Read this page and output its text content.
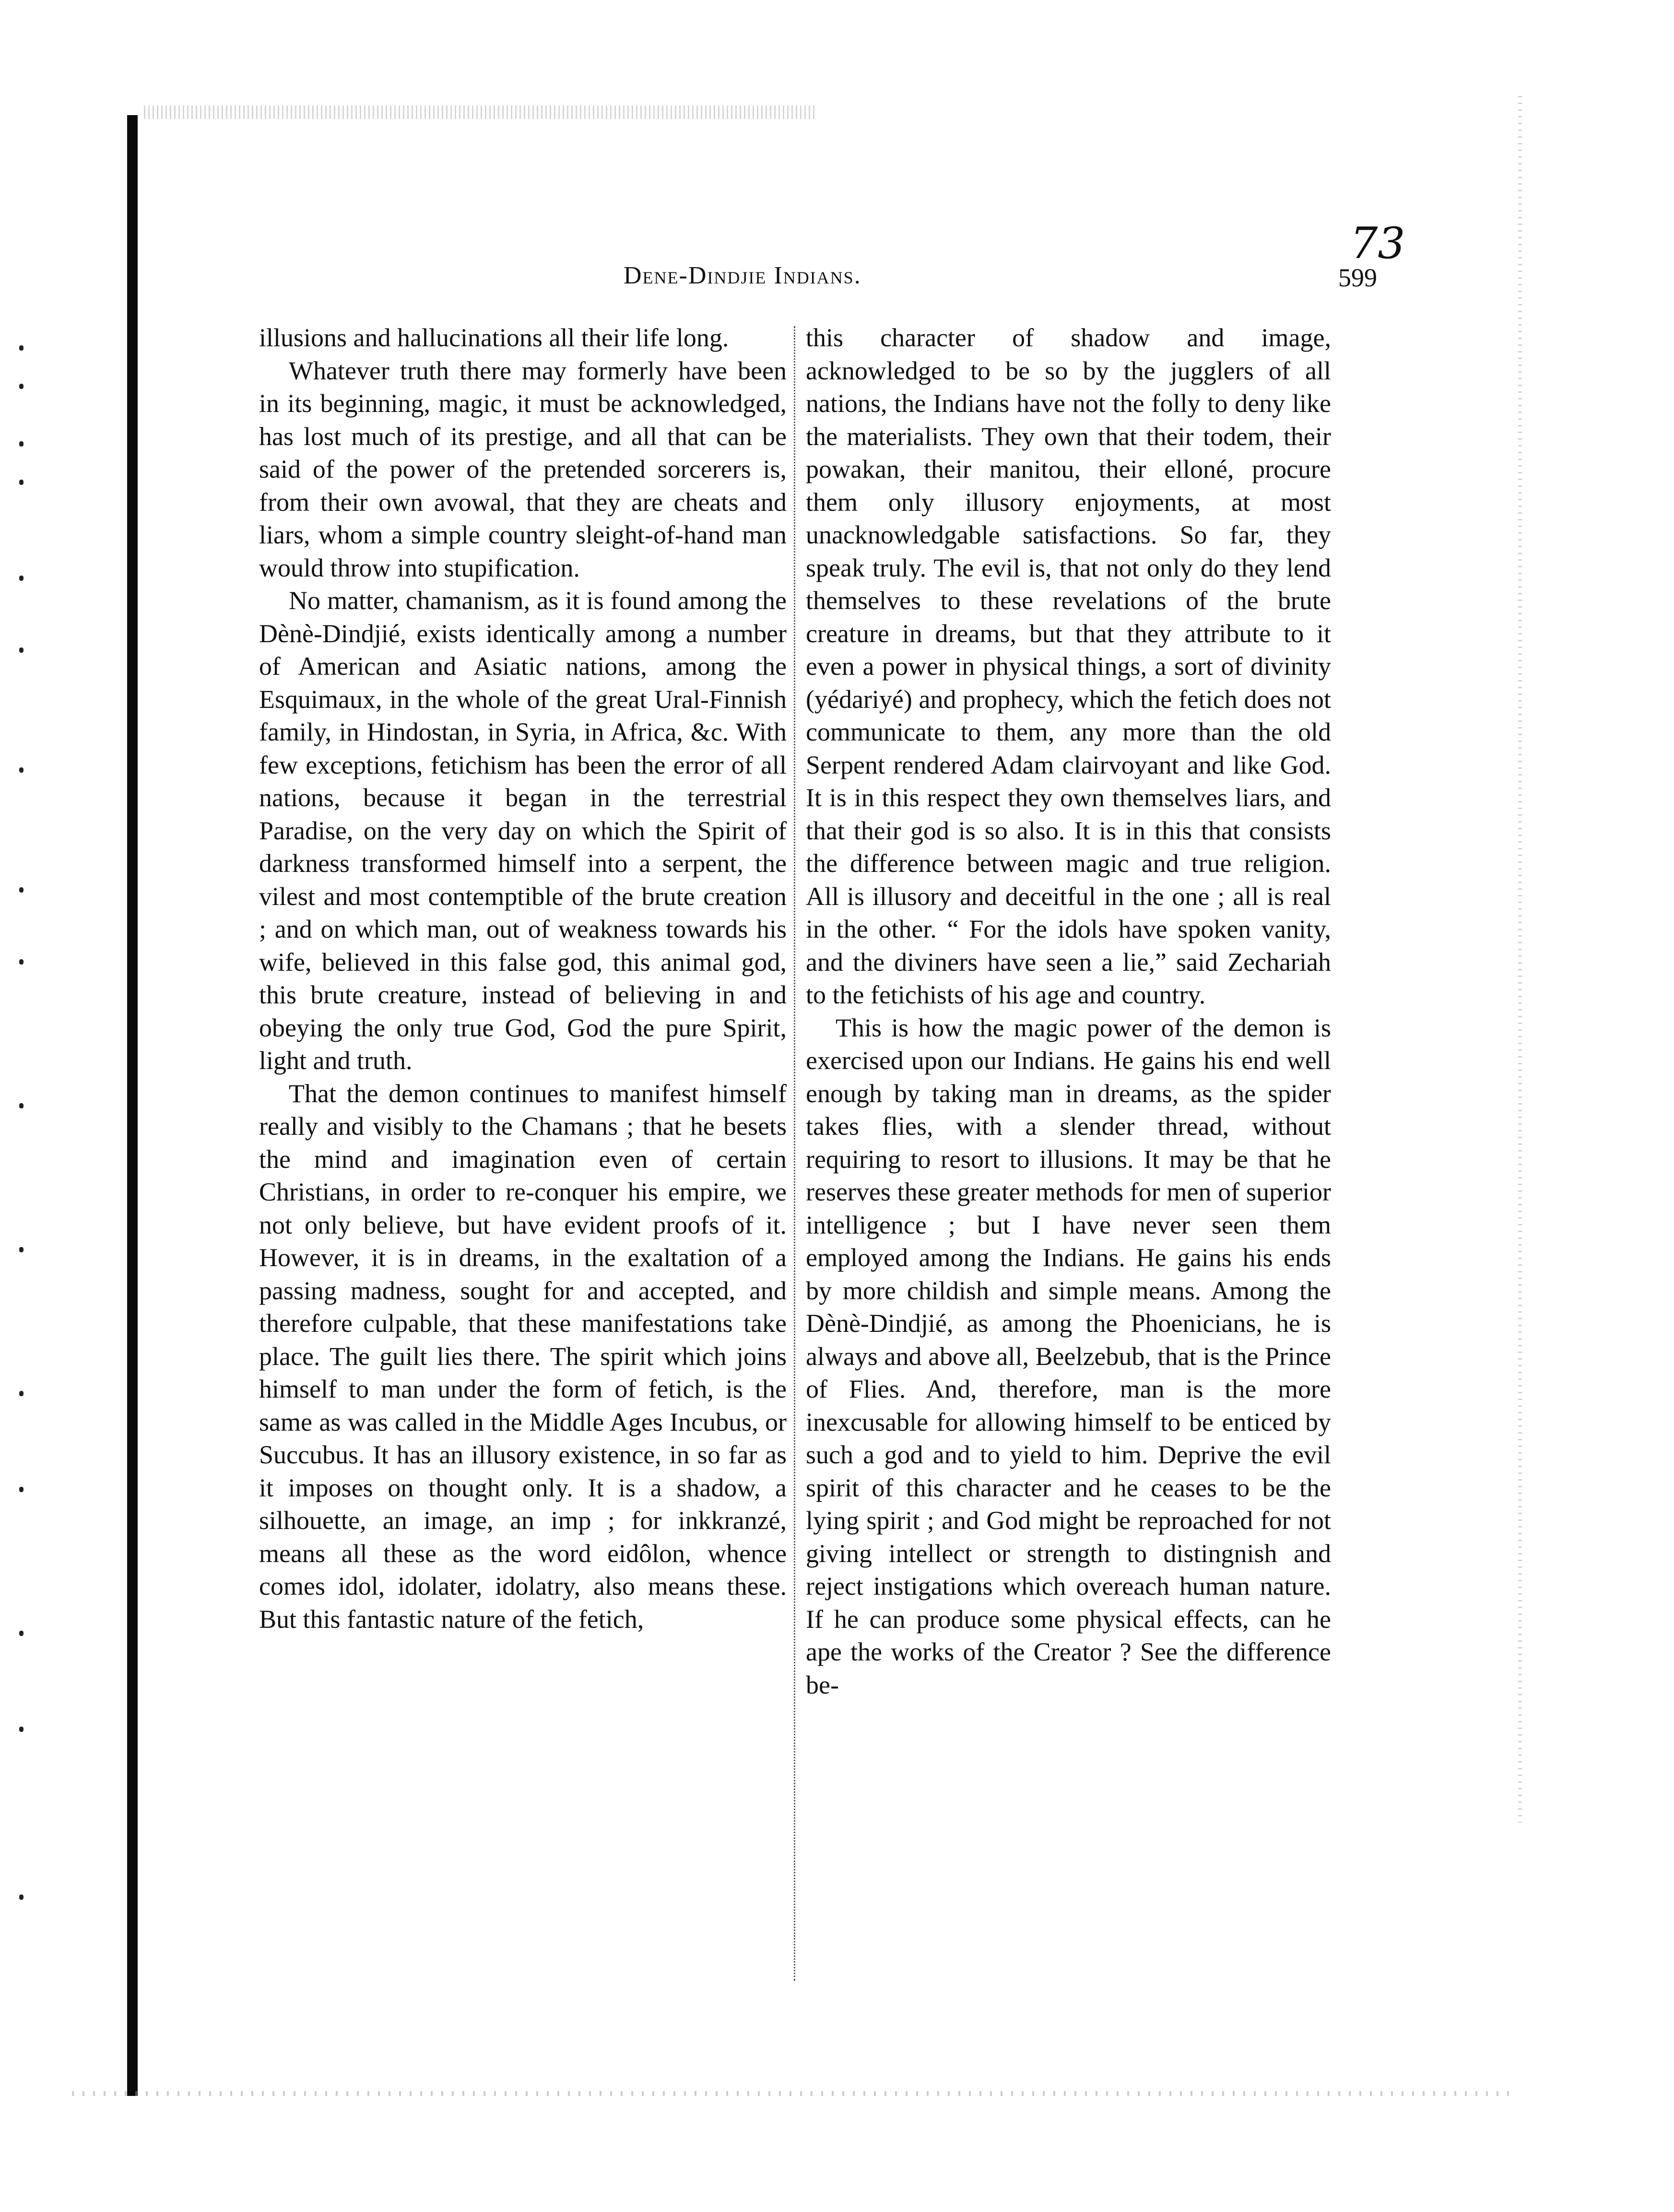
73
Dene-Dindjie Indians.	599

illusions and hallucinations all their life long.

Whatever truth there may formerly have been in its beginning, magic, it must be acknowledged, has lost much of its prestige, and all that can be said of the power of the pretended sorcerers is, from their own avowal, that they are cheats and liars, whom a simple country sleight-of-hand man would throw into stupification.

No matter, chamanism, as it is found among the Dènè-Dindjié, exists identically among a number of American and Asiatic nations, among the Esquimaux, in the whole of the great Ural-Finnish family, in Hindostan, in Syria, in Africa, &c. With few exceptions, fetichism has been the error of all nations, because it began in the terrestrial Paradise, on the very day on which the Spirit of darkness transformed himself into a serpent, the vilest and most contemptible of the brute creation ; and on which man, out of weakness towards his wife, believed in this false god, this animal god, this brute creature, instead of believing in and obeying the only true God, God the pure Spirit, light and truth.

That the demon continues to manifest himself really and visibly to the Chamans ; that he besets the mind and imagination even of certain Christians, in order to re-conquer his empire, we not only believe, but have evident proofs of it. However, it is in dreams, in the exaltation of a passing madness, sought for and accepted, and therefore culpable, that these manifestations take place. The guilt lies there. The spirit which joins himself to man under the form of fetich, is the same as was called in the Middle Ages Incubus, or Succubus. It has an illusory existence, in so far as it imposes on thought only. It is a shadow, a silhouette, an image, an imp ; for inkkranzé, means all these as the word eidôlon, whence comes idol, idolater, idolatry, also means these. But this fantastic nature of the fetich,

this character of shadow and image, acknowledged to be so by the jugglers of all nations, the Indians have not the folly to deny like the materialists. They own that their todem, their powakan, their manitou, their elloné, procure them only illusory enjoyments, at most unacknowledgable satisfactions. So far, they speak truly. The evil is, that not only do they lend themselves to these revelations of the brute creature in dreams, but that they attribute to it even a power in physical things, a sort of divinity (yédariyé) and prophecy, which the fetich does not communicate to them, any more than the old Serpent rendered Adam clairvoyant and like God. It is in this respect they own themselves liars, and that their god is so also. It is in this that consists the difference between magic and true religion. All is illusory and deceitful in the one ; all is real in the other. “ For the idols have spoken vanity, and the diviners have seen a lie,” said Zechariah to the fetichists of his age and country.

This is how the magic power of the demon is exercised upon our Indians. He gains his end well enough by taking man in dreams, as the spider takes flies, with a slender thread, without requiring to resort to illusions. It may be that he reserves these greater methods for men of superior intelligence ; but I have never seen them employed among the Indians. He gains his ends by more childish and simple means. Among the Dènè-Dindjié, as among the Phoenicians, he is always and above all, Beelzebub, that is the Prince of Flies. And, therefore, man is the more inexcusable for allowing himself to be enticed by such a god and to yield to him. Deprive the evil spirit of this character and he ceases to be the lying spirit ; and God might be reproached for not giving intellect or strength to distingnish and reject instigations which overeach human nature. If he can produce some physical effects, can he ape the works of the Creator ? See the difference be-
